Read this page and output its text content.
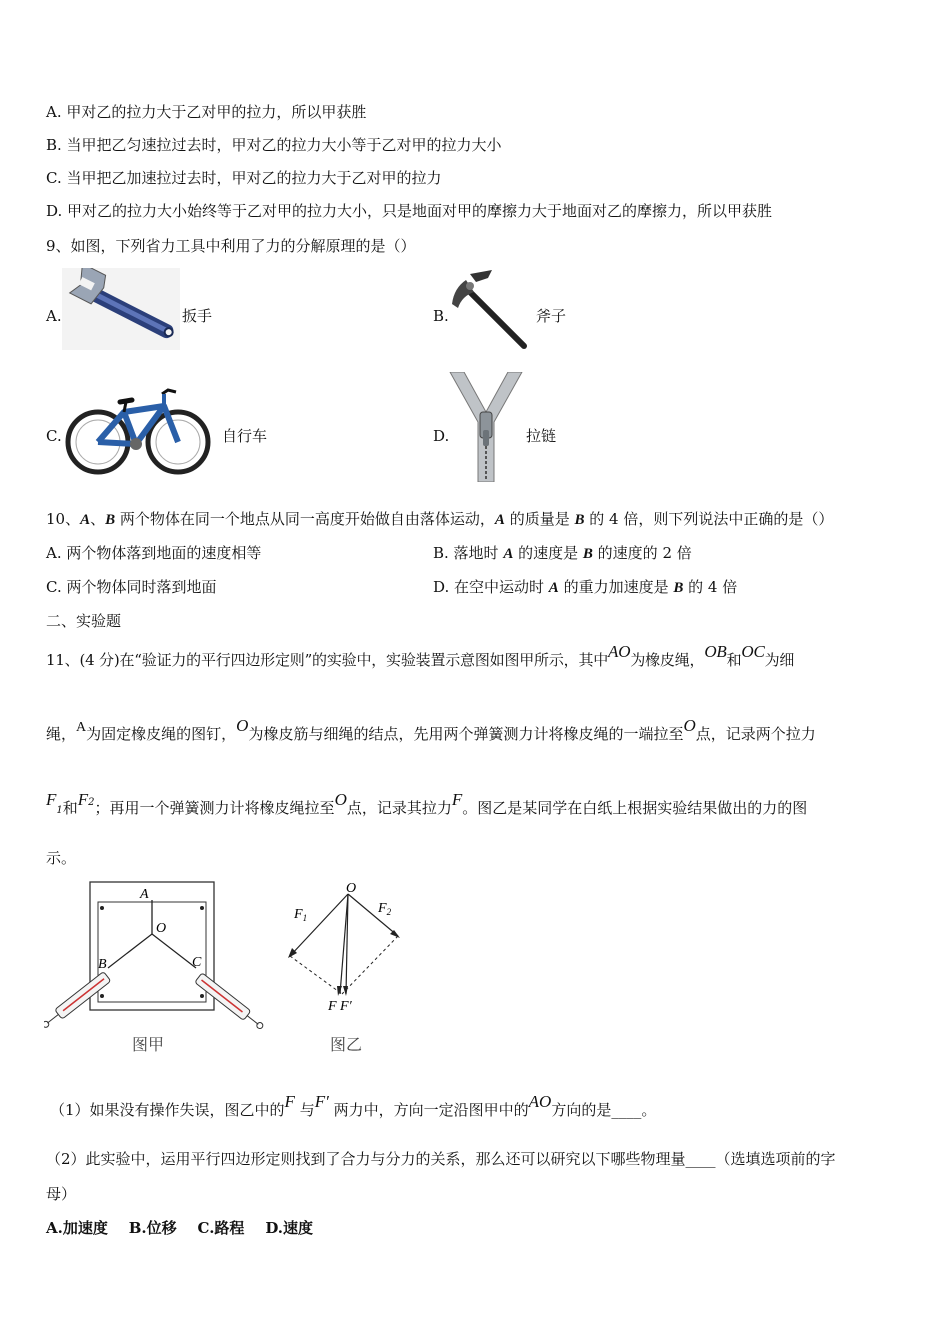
A. 甲对乙的拉力大于乙对甲的拉力，所以甲获胜
B. 当甲把乙匀速拉过去时，甲对乙的拉力大小等于乙对甲的拉力大小
C. 当甲把乙加速拉过去时，甲对乙的拉力大于乙对甲的拉力
D. 甲对乙的拉力大小始终等于乙对甲的拉力大小，只是地面对甲的摩擦力大于地面对乙的摩擦力，所以甲获胜
9、如图，下列省力工具中利用了力的分解原理的是（）
A.	扳手	B.	斧子
C.	自行车	D.	拉链
10、A、B 两个物体在同一个地点从同一高度开始做自由落体运动，A 的质量是 B 的 4 倍，则下列说法中正确的是（）
A. 两个物体落到地面的速度相等	B. 落地时 A 的速度是 B 的速度的 2 倍
C. 两个物体同时落到地面	D. 在空中运动时 A 的重力加速度是 B 的 4 倍
二、实验题
11、(4 分)在“验证力的平行四边形定则”的实验中，实验装置示意图如图甲所示，其中AO为橡皮绳，OB和OC为细
绳，A为固定橡皮绳的图钉，O为橡皮筋与细绳的结点，先用两个弹簧测力计将橡皮绳的一端拉至O点，记录两个拉力
F1和$F^2$；再用一个弹簧测力计将橡皮绳拉至O点，记录其拉力F。图乙是某同学在白纸上根据实验结果做出的力的图
示。
A
O
B	C
图甲
O
$F_1$
$F_2$
F F′
图乙
（1）如果没有操作失误，图乙中的F 与F′ 两力中，方向一定沿图甲中的AO方向的是____。
（2）此实验中，运用平行四边形定则找到了合力与分力的关系，那么还可以研究以下哪些物理量____（选填选项前的字
母）
A.加速度    B.位移    C.路程    D.速度
